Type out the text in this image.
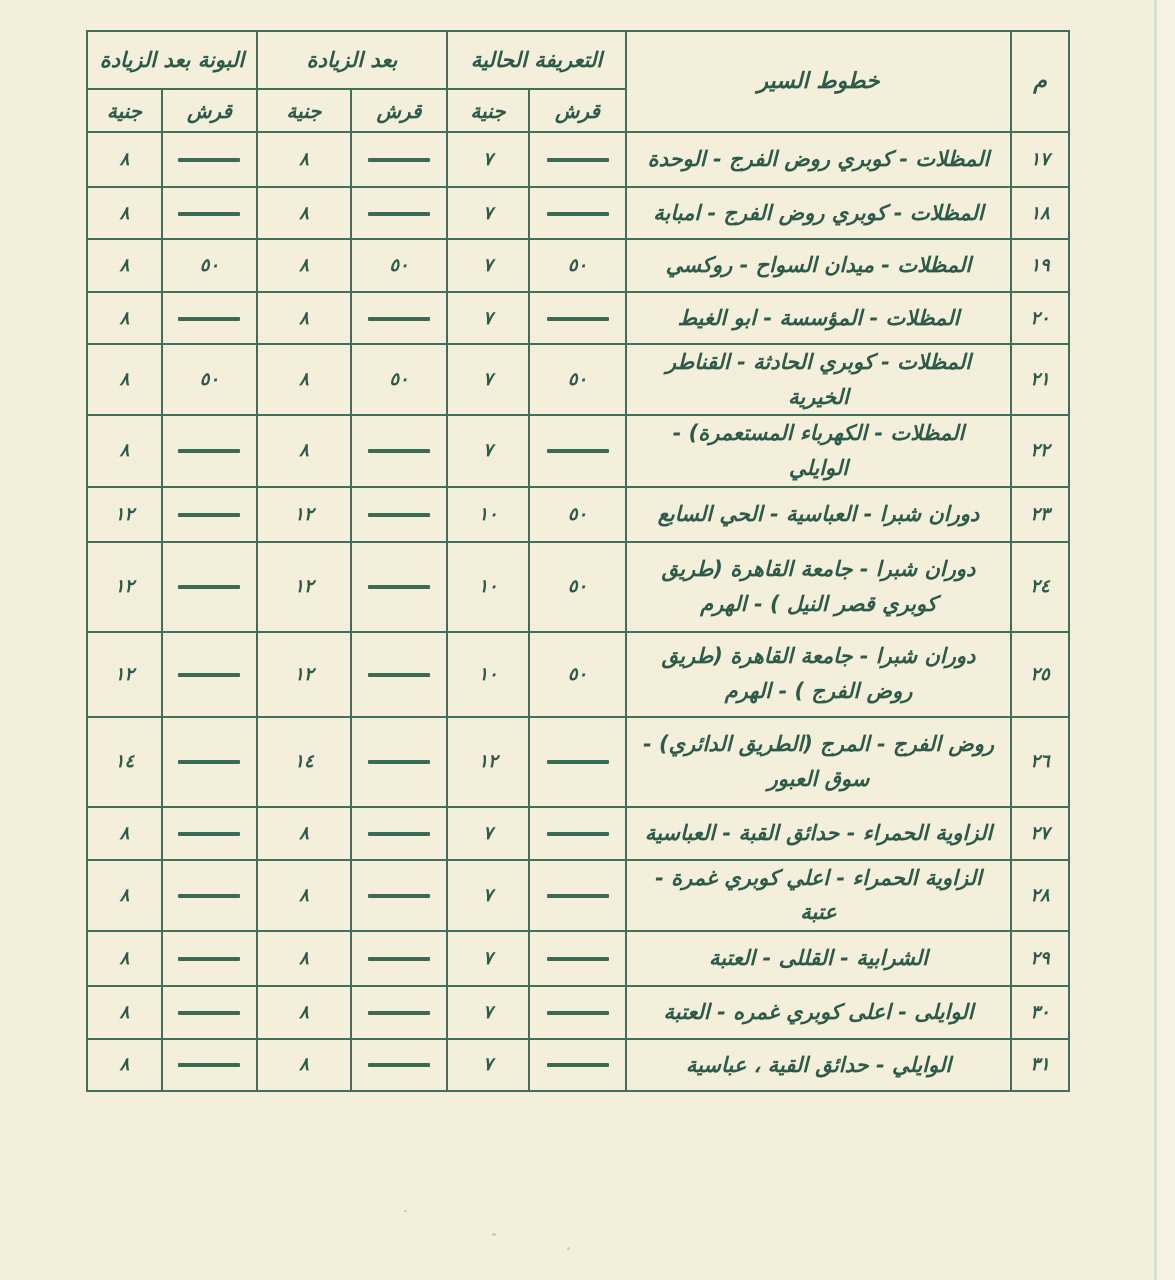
م	خطوط السير	التعريفة الحالية		بعد الزيادة		البونة بعد الزيادة	
		قرش	جنية	قرش	جنية	قرش	جنية
١٧	المظلات - كوبري روض الفرج - الوحدة		٧		٨		٨
١٨	المظلات - كوبري روض الفرج - امبابة		٧		٨		٨
١٩	المظلات - ميدان السواح - روكسي	٥٠	٧	٥٠	٨	٥٠	٨
٢٠	المظلات - المؤسسة - ابو الغيط		٧		٨		٨
٢١	المظلات - كوبري الحادثة - القناطر الخيرية	٥٠	٧	٥٠	٨	٥٠	٨
٢٢	المظلات - الكهرباء المستعمرة) - الوايلي		٧		٨		٨
٢٣	دوران شبرا - العباسية - الحي السابع	٥٠	١٠		١٢		١٢
٢٤	دوران شبرا - جامعة القاهرة (طريق كوبري قصر النيل ) - الهرم	٥٠	١٠		١٢		١٢
٢٥	دوران شبرا - جامعة القاهرة (طريق روض الفرج ) - الهرم	٥٠	١٠		١٢		١٢
٢٦	روض الفرج - المرج (الطريق الدائري) - سوق العبور		١٢		١٤		١٤
٢٧	الزاوية الحمراء - حدائق القبة - العباسية		٧		٨		٨
٢٨	الزاوية الحمراء - اعلي كوبري غمرة - عتبة		٧		٨		٨
٢٩	الشرابية - القللى - العتبة		٧		٨		٨
٣٠	الوايلى - اعلى كوبري غمره - العتبة		٧		٨		٨
٣١	الوايلي - حدائق القية ، عباسية		٧		٨		٨
